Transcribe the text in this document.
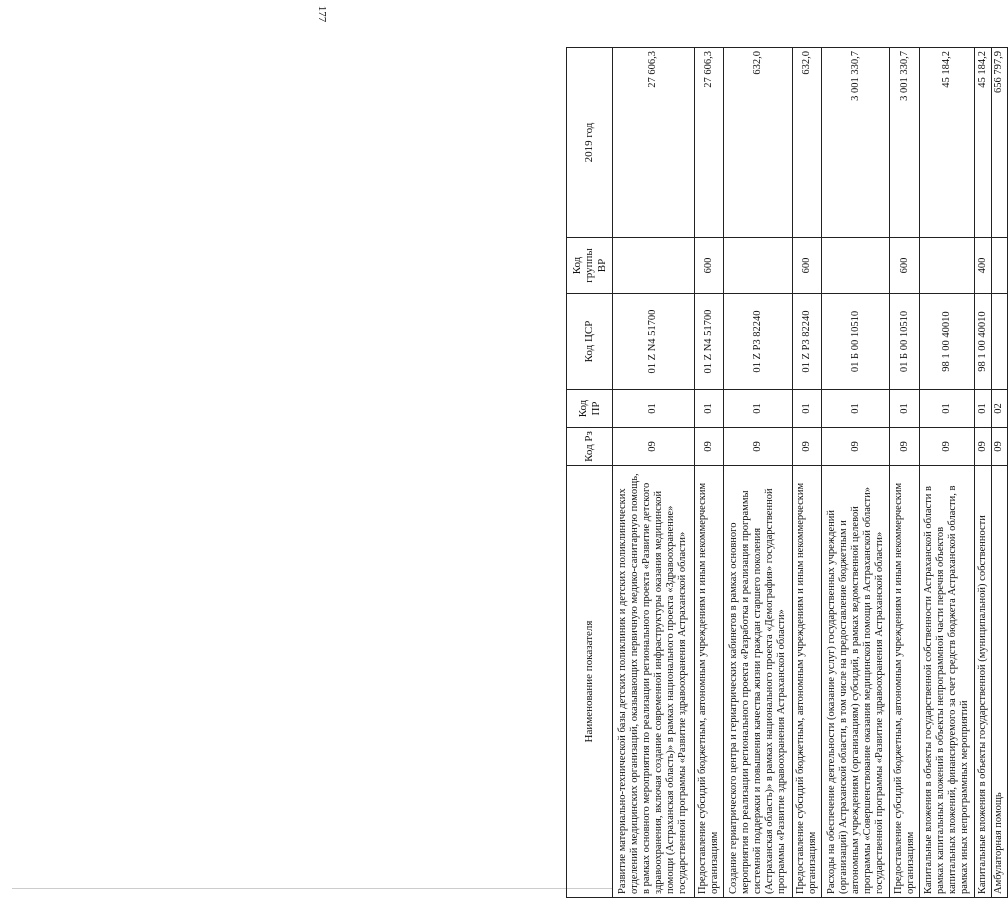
177
Наименование показателя	Код Рз	Код ПР	Код ЦСР	Код группы ВР	2019 год
Развитие материально-технической базы детских поликлиник и детских поликлинических отделений медицинских организаций, оказывающих первичную медико-санитарную помощь, в рамках основного мероприятия по реализации регионального проекта «Развитие детского здравоохранения, включая создание современной инфраструктуры оказания медицинской помощи (Астраханская область)» в рамках национального проекта «Здравоохранение» государственной программы «Развитие здравоохранения Астраханской области»	09	01	01 Z N4 51700		27 606,3
Предоставление субсидий бюджетным, автономным учреждениям и иным некоммерческим организациям	09	01	01 Z N4 51700	600	27 606,3
Создание гериатрического центра и гериатрических кабинетов в рамках основного мероприятия по реализации регионального проекта «Разработка и реализация программы системной поддержки и повышения качества жизни граждан старшего поколения (Астраханская область)» в рамках национального проекта «Демография» государственной программы «Развитие здравоохранения Астраханской области»	09	01	01 Z P3 82240		632,0
Предоставление субсидий бюджетным, автономным учреждениям и иным некоммерческим организациям	09	01	01 Z P3 82240	600	632,0
Расходы на обеспечение деятельности (оказание услуг) государственных учреждений (организаций) Астраханской области, в том числе на предоставление бюджетным и автономным учреждениям (организациям) субсидий, в рамках ведомственной целевой программы «Совершенствование оказания медицинской помощи в Астраханской области» государственной программы «Развитие здравоохранения Астраханской области»	09	01	01 Б 00 10510		3 001 330,7
Предоставление субсидий бюджетным, автономным учреждениям и иным некоммерческим организациям	09	01	01 Б 00 10510	600	3 001 330,7
Капитальные вложения в объекты государственной собственности Астраханской области в рамках капитальных вложений в объекты непрограммной части перечня объектов капитальных вложений, финансируемого за счет средств бюджета Астраханской области, в рамках иных непрограммных мероприятий	09	01	98 1 00 40010		45 184,2
Капитальные вложения в объекты государственной (муниципальной) собственности	09	01	98 1 00 40010	400	45 184,2
Амбулаторная помощь	09	02			656 797,9
